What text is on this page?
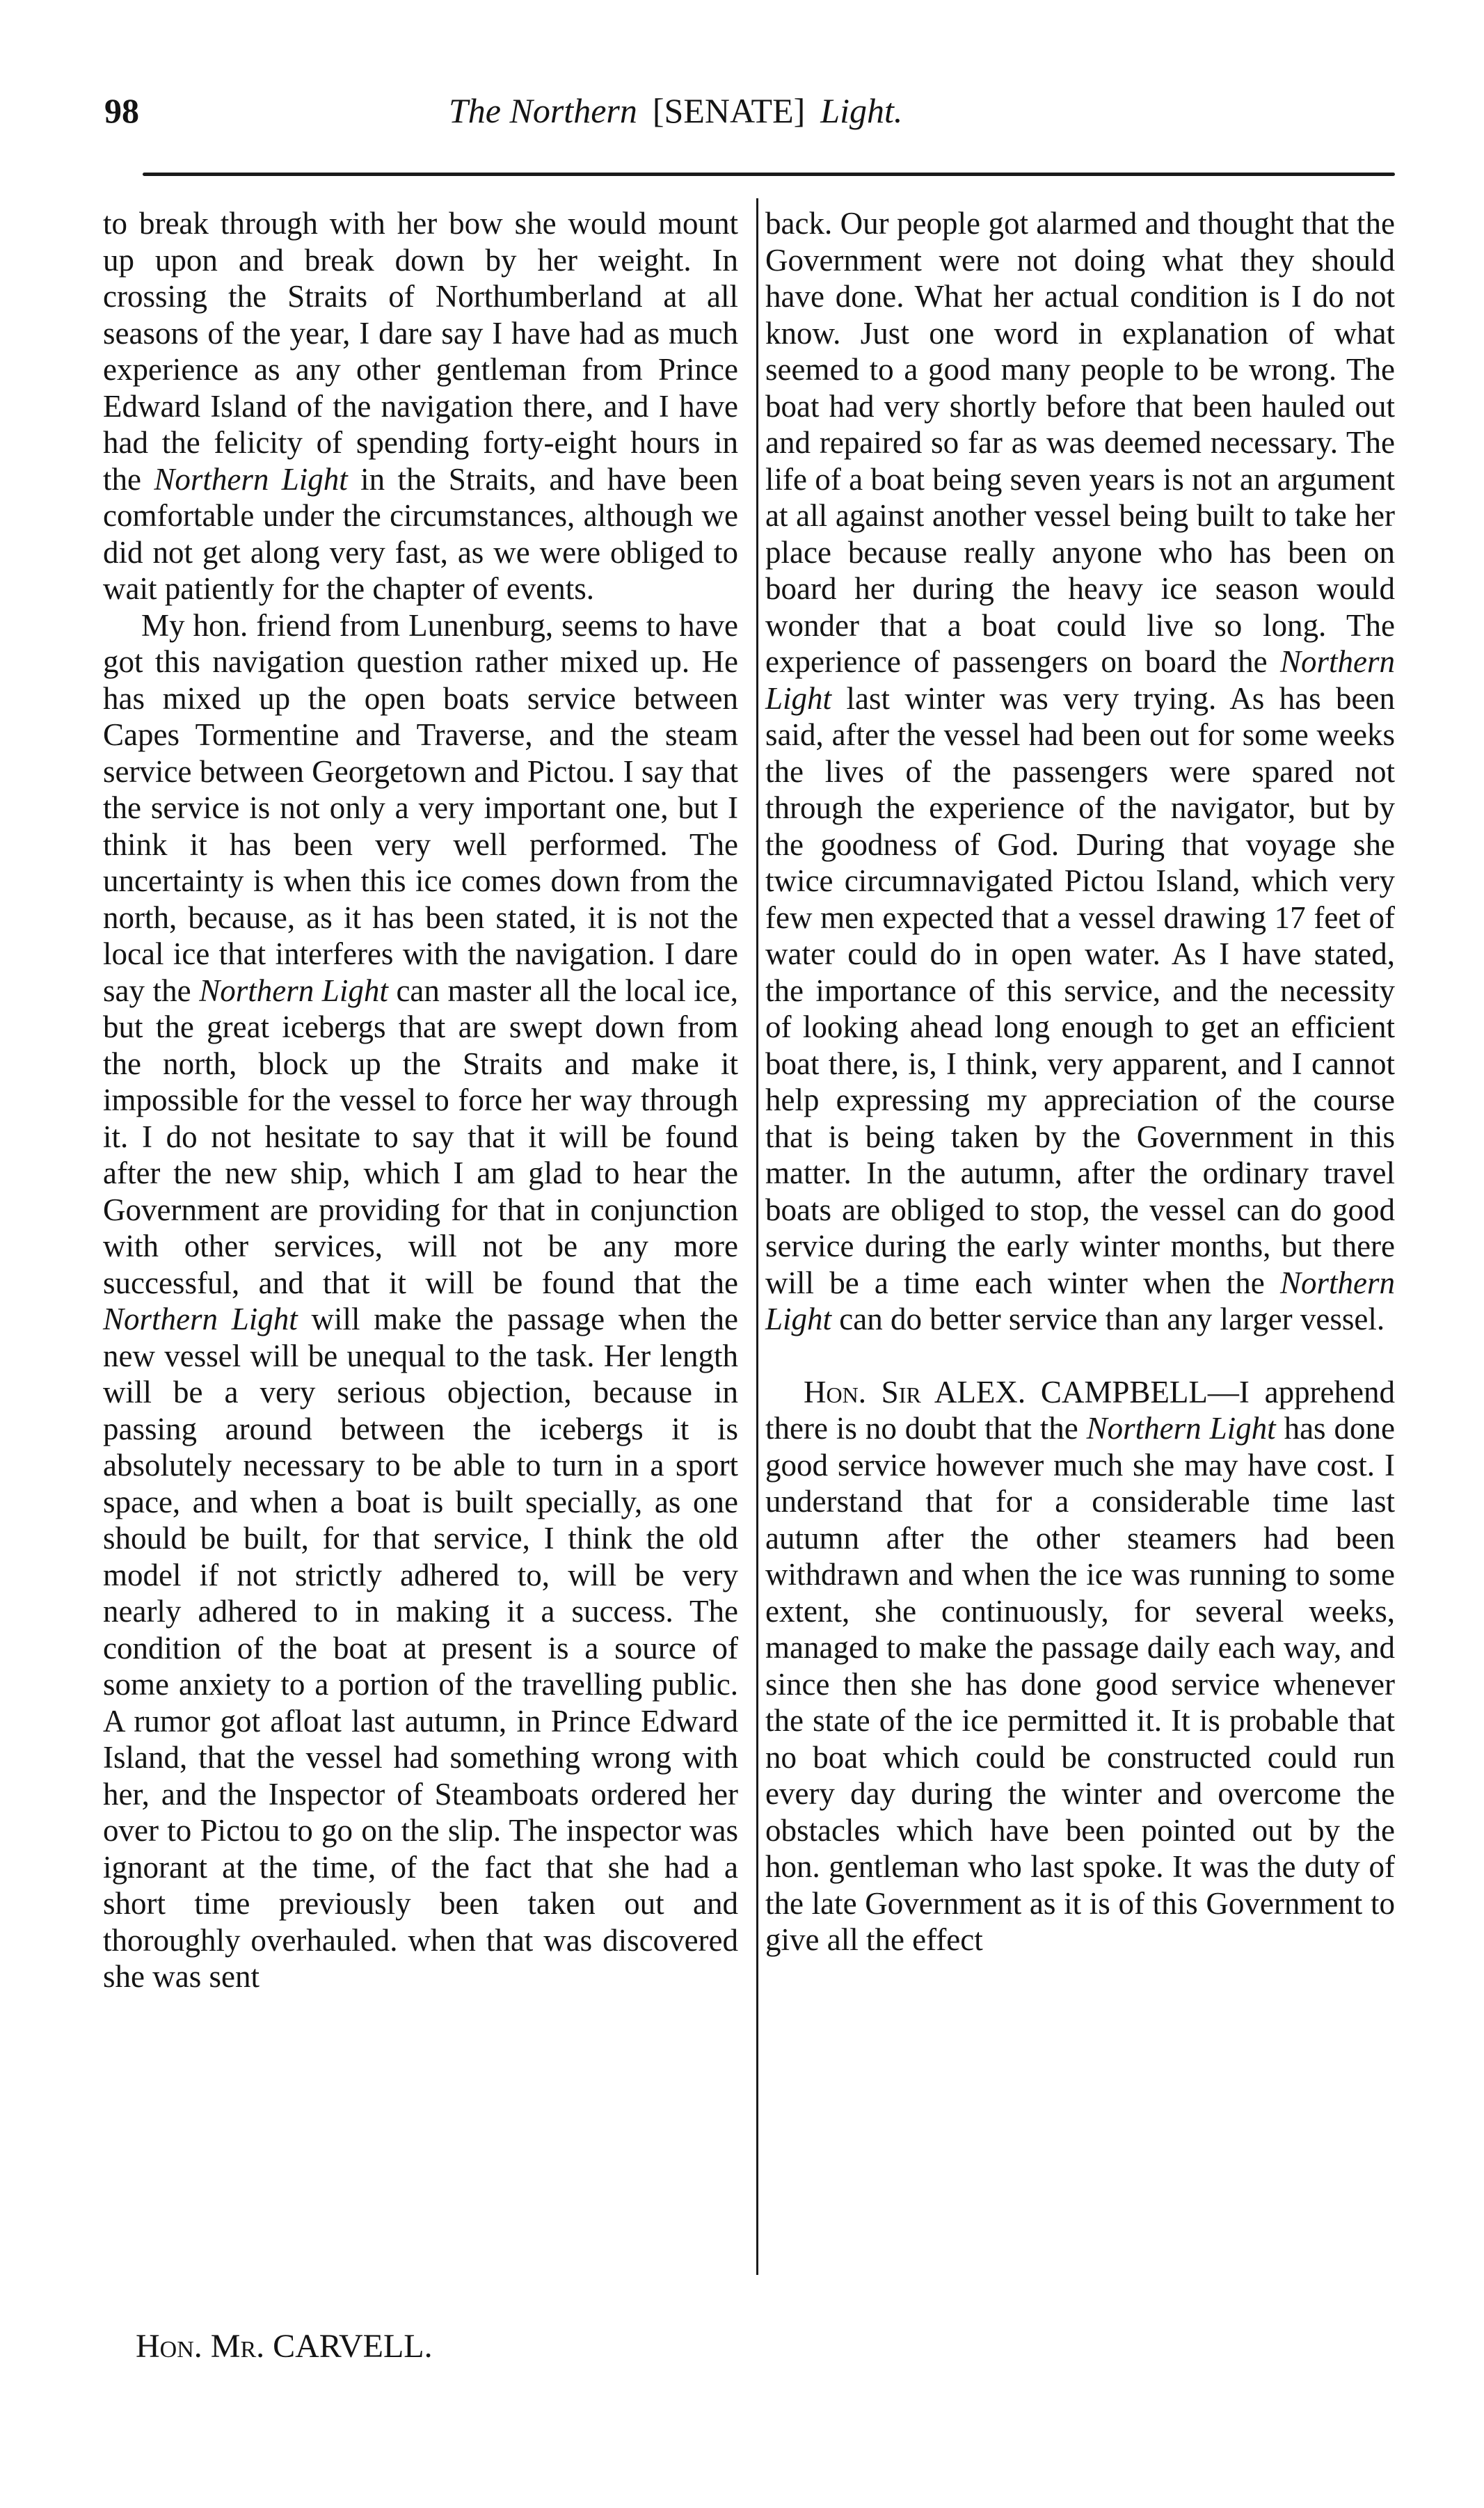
98	The Northern [SENATE] Light.

to break through with her bow she would mount up upon and break down by her weight. In crossing the Straits of Northumberland at all seasons of the year, I dare say I have had as much experience as any other gentleman from Prince Edward Island of the navigation there, and I have had the felicity of spending forty-eight hours in the Northern Light in the Straits, and have been comfortable under the circumstances, although we did not get along very fast, as we were obliged to wait patiently for the chapter of events.

My hon. friend from Lunenburg, seems to have got this navigation question rather mixed up. He has mixed up the open boats service between Capes Tormentine and Traverse, and the steam service between Georgetown and Pictou. I say that the service is not only a very important one, but I think it has been very well performed. The uncertainty is when this ice comes down from the north, because, as it has been stated, it is not the local ice that interferes with the navigation. I dare say the Northern Light can master all the local ice, but the great icebergs that are swept down from the north, block up the Straits and make it impossible for the vessel to force her way through it. I do not hesitate to say that it will be found after the new ship, which I am glad to hear the Government are providing for that in conjunction with other services, will not be any more successful, and that it will be found that the Northern Light will make the passage when the new vessel will be unequal to the task. Her length will be a very serious objection, because in passing around between the icebergs it is absolutely necessary to be able to turn in a sport space, and when a boat is built specially, as one should be built, for that service, I think the old model if not strictly adhered to, will be very nearly adhered to in making it a success. The condition of the boat at present is a source of some anxiety to a portion of the travelling public. A rumor got afloat last autumn, in Prince Edward Island, that the vessel had something wrong with her, and the Inspector of Steamboats ordered her over to Pictou to go on the slip. The inspector was ignorant at the time, of the fact that she had a short time previously been taken out and thoroughly overhauled. when that was discovered she was sent

back. Our people got alarmed and thought that the Government were not doing what they should have done. What her actual condition is I do not know. Just one word in explanation of what seemed to a good many people to be wrong. The boat had very shortly before that been hauled out and repaired so far as was deemed necessary. The life of a boat being seven years is not an argument at all against another vessel being built to take her place because really anyone who has been on board her during the heavy ice season would wonder that a boat could live so long. The experience of passengers on board the Northern Light last winter was very trying. As has been said, after the vessel had been out for some weeks the lives of the passengers were spared not through the experience of the navigator, but by the goodness of God. During that voyage she twice circumnavigated Pictou Island, which very few men expected that a vessel drawing 17 feet of water could do in open water. As I have stated, the importance of this service, and the necessity of looking ahead long enough to get an efficient boat there, is, I think, very apparent, and I cannot help expressing my appreciation of the course that is being taken by the Government in this matter. In the autumn, after the ordinary travel boats are obliged to stop, the vessel can do good service during the early winter months, but there will be a time each winter when the Northern Light can do better service than any larger vessel.

Hon. Sir ALEX. CAMPBELL—I apprehend there is no doubt that the Northern Light has done good service however much she may have cost. I understand that for a considerable time last autumn after the other steamers had been withdrawn and when the ice was running to some extent, she continuously, for several weeks, managed to make the passage daily each way, and since then she has done good service whenever the state of the ice permitted it. It is probable that no boat which could be constructed could run every day during the winter and overcome the obstacles which have been pointed out by the hon. gentleman who last spoke. It was the duty of the late Government as it is of this Government to give all the effect

Hon. Mr. CARVELL.
